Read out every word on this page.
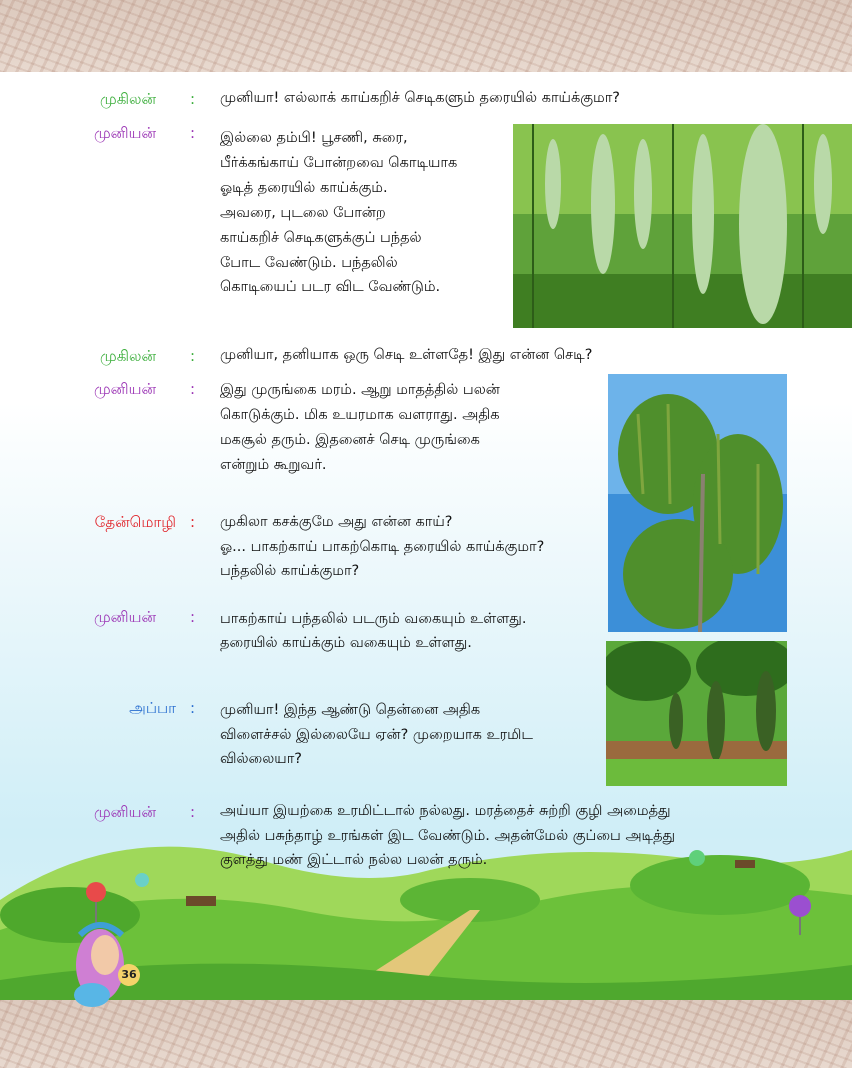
முகிலன் : முனியா! எல்லாக் காய்கறிச் செடிகளும் தரையில் காய்க்குமா?
முனியன் : இல்லை தம்பி! பூசணி, சுரை,
பீர்க்கங்காய் போன்றவை கொடியாக
ஓடித் தரையில் காய்க்கும்.
அவரை, புடலை போன்ற
காய்கறிச் செடிகளுக்குப் பந்தல்
போட வேண்டும். பந்தலில்
கொடியைப் படர விட வேண்டும்.
முகிலன் : முனியா, தனியாக ஒரு செடி உள்ளதே! இது என்ன செடி?
முனியன் : இது முருங்கை மரம். ஆறு மாதத்தில் பலன்
கொடுக்கும். மிக உயரமாக வளராது. அதிக
மகசூல் தரும். இதனைச் செடி முருங்கை
என்றும் கூறுவர்.
தேன்மொழி : முகிலா கசக்குமே அது என்ன காய்?
ஓ... பாகற்காய் பாகற்கொடி தரையில் காய்க்குமா?
பந்தலில் காய்க்குமா?
முனியன் : பாகற்காய் பந்தலில் படரும் வகையும் உள்ளது.
தரையில் காய்க்கும் வகையும் உள்ளது.
அப்பா : முனியா! இந்த ஆண்டு தென்னை அதிக
விளைச்சல் இல்லையே ஏன்? முறையாக உரமிட
வில்லையா?
முனியன் : அய்யா இயற்கை உரமிட்டால் நல்லது. மரத்தைச் சுற்றி குழி அமைத்து
அதில் பசுந்தாழ் உரங்கள் இட வேண்டும். அதன்மேல் குப்பை அடித்து
குளத்து மண் இட்டால் நல்ல பலன் தரும்.
36
